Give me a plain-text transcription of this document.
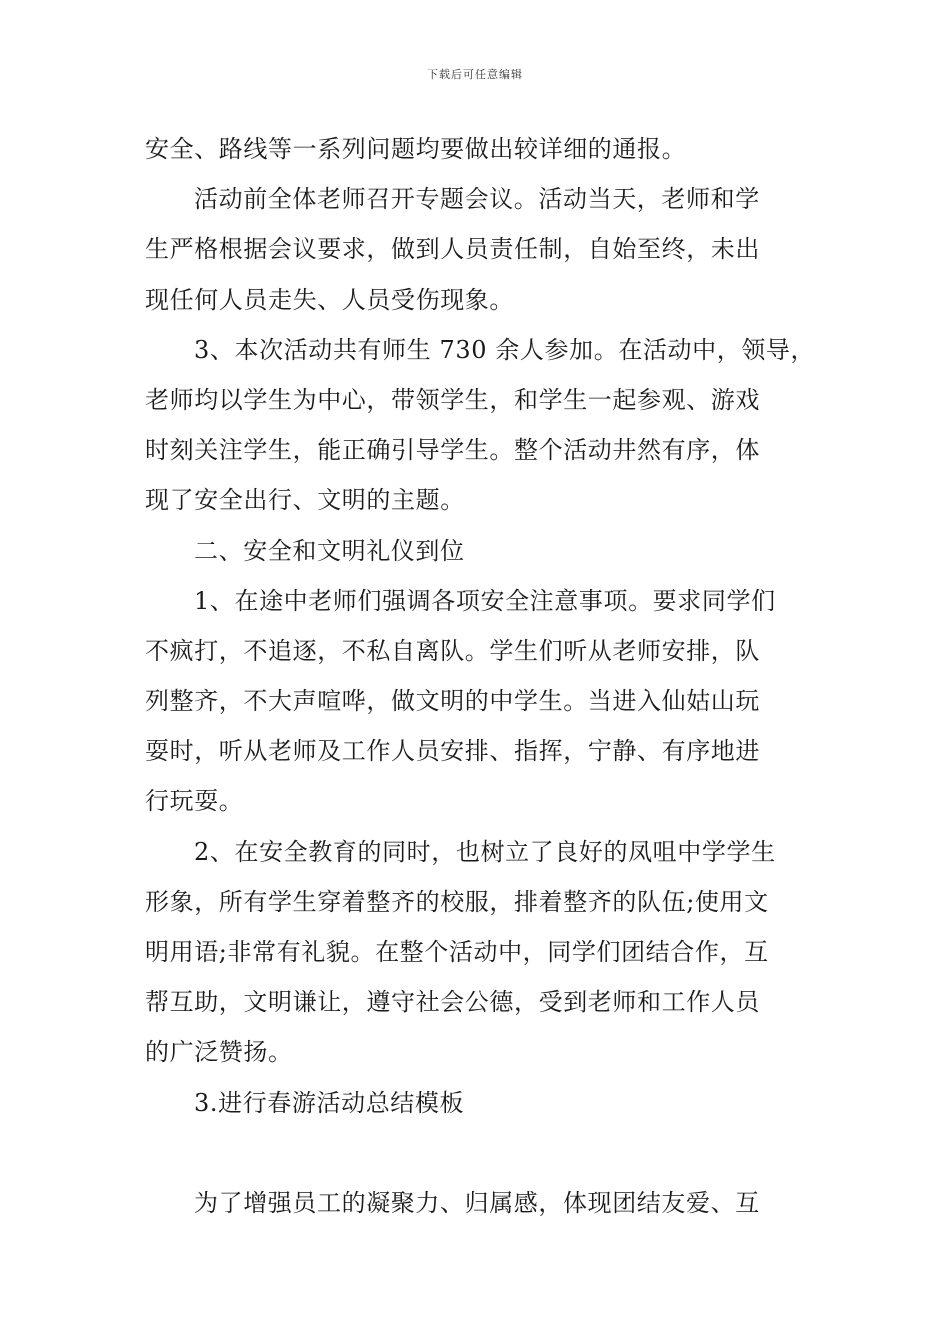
下载后可任意编辑
安全、路线等一系列问题均要做出较详细的通报。
活动前全体老师召开专题会议。活动当天，老师和学
生严格根据会议要求，做到人员责任制，自始至终，未出
现任何人员走失、人员受伤现象。
3、本次活动共有师生 730 余人参加。在活动中，领导，
老师均以学生为中心，带领学生，和学生一起参观、游戏
时刻关注学生，能正确引导学生。整个活动井然有序，体
现了安全出行、文明的主题。
二、安全和文明礼仪到位
1、在途中老师们强调各项安全注意事项。要求同学们
不疯打，不追逐，不私自离队。学生们听从老师安排，队
列整齐，不大声喧哗，做文明的中学生。当进入仙姑山玩
耍时，听从老师及工作人员安排、指挥，宁静、有序地进
行玩耍。
2、在安全教育的同时，也树立了良好的凤咀中学学生
形象，所有学生穿着整齐的校服，排着整齐的队伍;使用文
明用语;非常有礼貌。在整个活动中，同学们团结合作，互
帮互助，文明谦让，遵守社会公德，受到老师和工作人员
的广泛赞扬。
3.进行春游活动总结模板
为了增强员工的凝聚力、归属感，体现团结友爱、互
